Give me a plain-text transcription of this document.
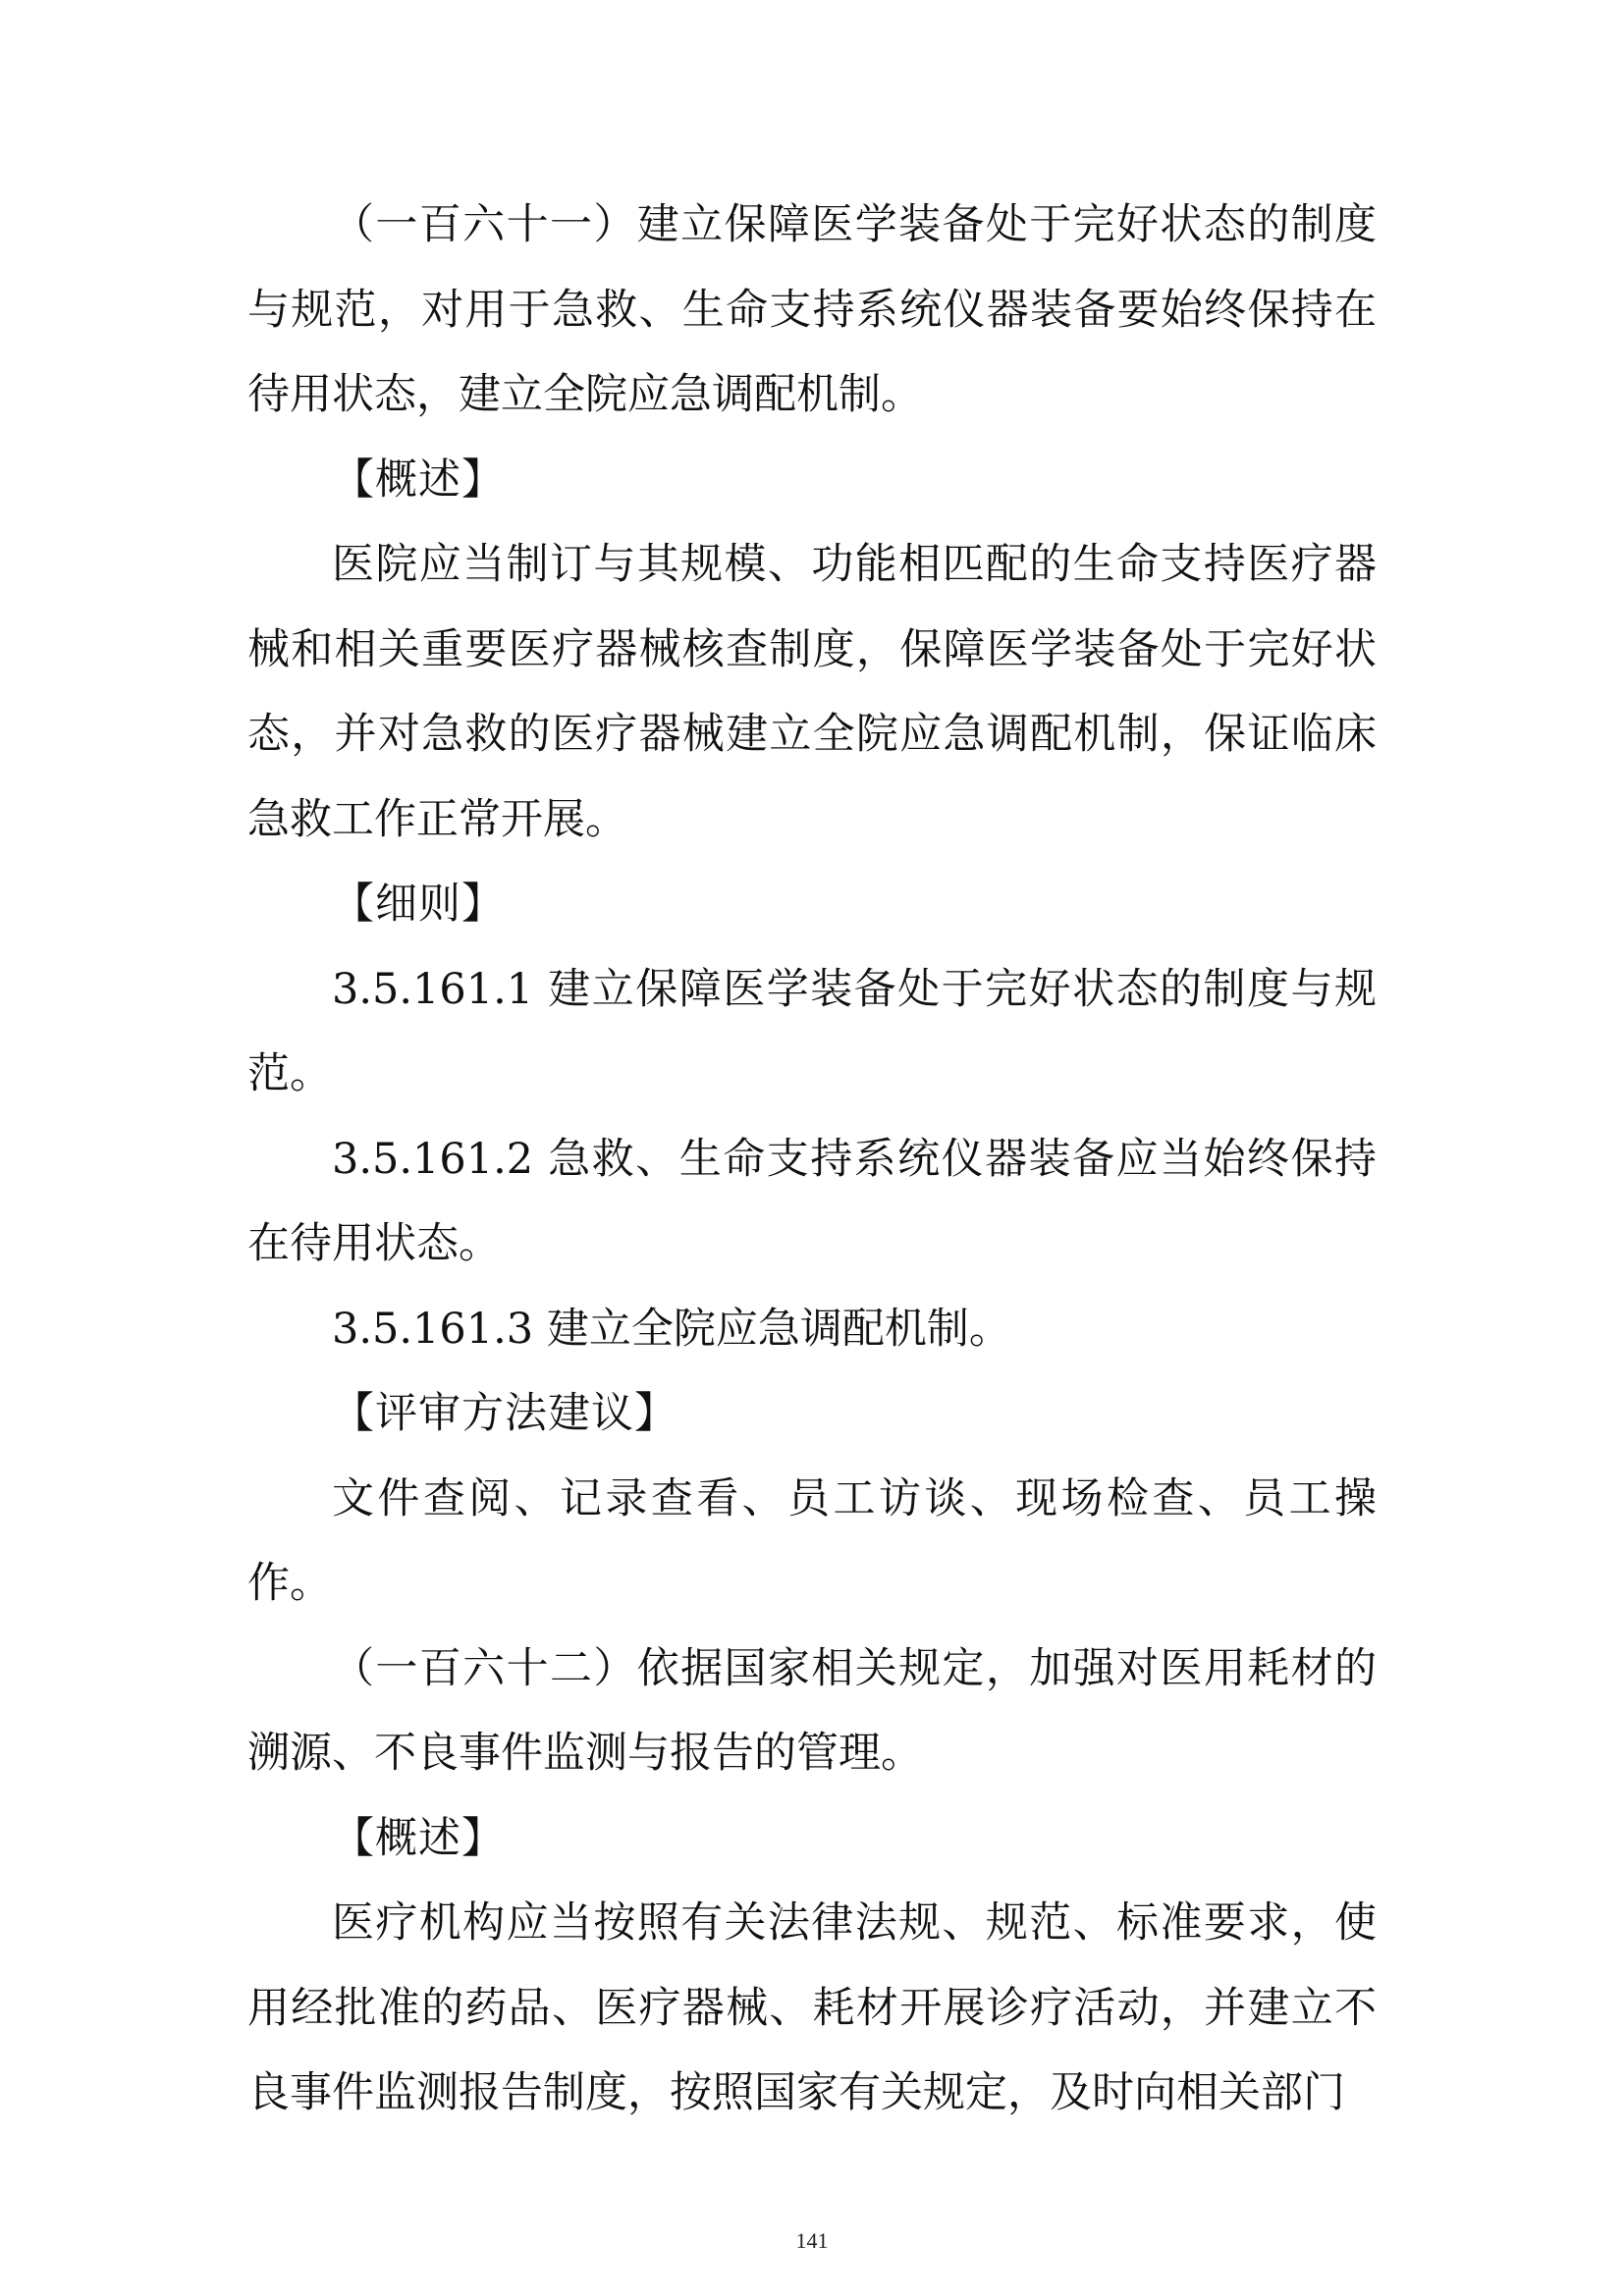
（一百六十一）建立保障医学装备处于完好状态的制度与规范，对用于急救、生命支持系统仪器装备要始终保持在待用状态，建立全院应急调配机制。

【概述】

医院应当制订与其规模、功能相匹配的生命支持医疗器械和相关重要医疗器械核查制度，保障医学装备处于完好状态，并对急救的医疗器械建立全院应急调配机制，保证临床急救工作正常开展。

【细则】

3.5.161.1 建立保障医学装备处于完好状态的制度与规范。

3.5.161.2 急救、生命支持系统仪器装备应当始终保持在待用状态。

3.5.161.3 建立全院应急调配机制。

【评审方法建议】

文件查阅、记录查看、员工访谈、现场检查、员工操作。

（一百六十二）依据国家相关规定，加强对医用耗材的溯源、不良事件监测与报告的管理。

【概述】

医疗机构应当按照有关法律法规、规范、标准要求，使用经批准的药品、医疗器械、耗材开展诊疗活动，并建立不良事件监测报告制度，按照国家有关规定，及时向相关部门

141
